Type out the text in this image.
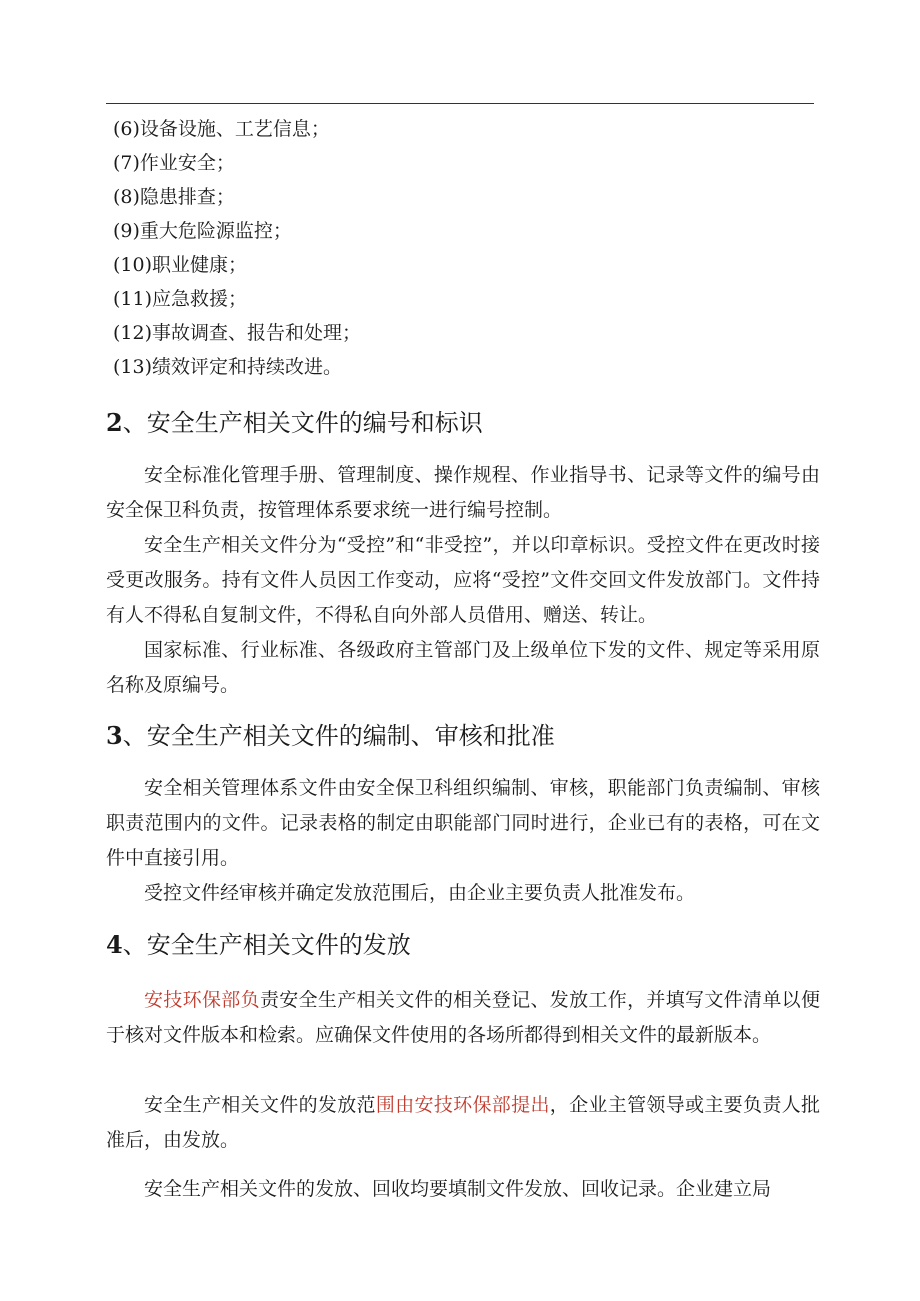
(6)设备设施、工艺信息；
(7)作业安全；
(8)隐患排查；
(9)重大危险源监控；
(10)职业健康；
(11)应急救援；
(12)事故调查、报告和处理；
(13)绩效评定和持续改进。
2、安全生产相关文件的编号和标识
安全标准化管理手册、管理制度、操作规程、作业指导书、记录等文件的编号由安全保卫科负责，按管理体系要求统一进行编号控制。
安全生产相关文件分为“受控”和“非受控”，并以印章标识。受控文件在更改时接受更改服务。持有文件人员因工作变动，应将“受控”文件交回文件发放部门。文件持有人不得私自复制文件，不得私自向外部人员借用、赠送、转让。
国家标准、行业标准、各级政府主管部门及上级单位下发的文件、规定等采用原名称及原编号。
3、安全生产相关文件的编制、审核和批准
安全相关管理体系文件由安全保卫科组织编制、审核，职能部门负责编制、审核职责范围内的文件。记录表格的制定由职能部门同时进行，企业已有的表格，可在文件中直接引用。
受控文件经审核并确定发放范围后，由企业主要负责人批准发布。
4、安全生产相关文件的发放
安技环保部负责安全生产相关文件的相关登记、发放工作，并填写文件清单以便于核对文件版本和检索。应确保文件使用的各场所都得到相关文件的最新版本。
安全生产相关文件的发放范围由安技环保部提出，企业主管领导或主要负责人批准后，由发放。
安全生产相关文件的发放、回收均要填制文件发放、回收记录。企业建立局
